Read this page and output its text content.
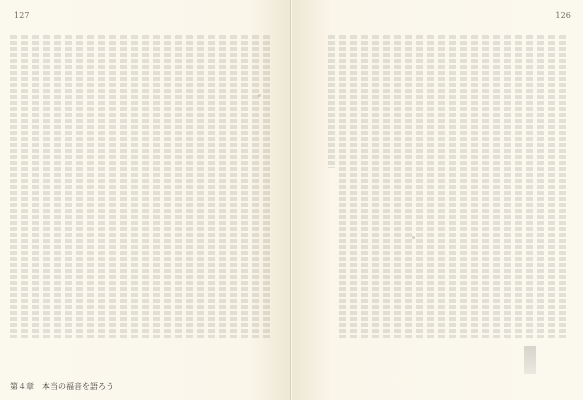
127
第４章　本当の福音を語ろう
126
